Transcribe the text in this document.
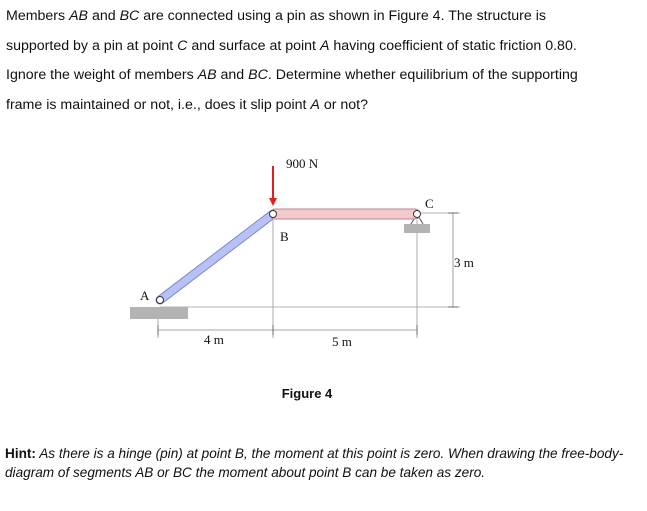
Members AB and BC are connected using a pin as shown in Figure 4. The structure is

supported by a pin at point C and surface at point A having coefficient of static friction 0.80.

Ignore the weight of members AB and BC. Determine whether equilibrium of the supporting

frame is maintained or not, i.e., does it slip point A or not?

900 N
A
B
C
4 m	5 m
3 m
Figure 4
Hint: As there is a hinge (pin) at point B, the moment at this point is zero. When drawing the free-body-diagram of segments AB or BC the moment about point B can be taken as zero.
